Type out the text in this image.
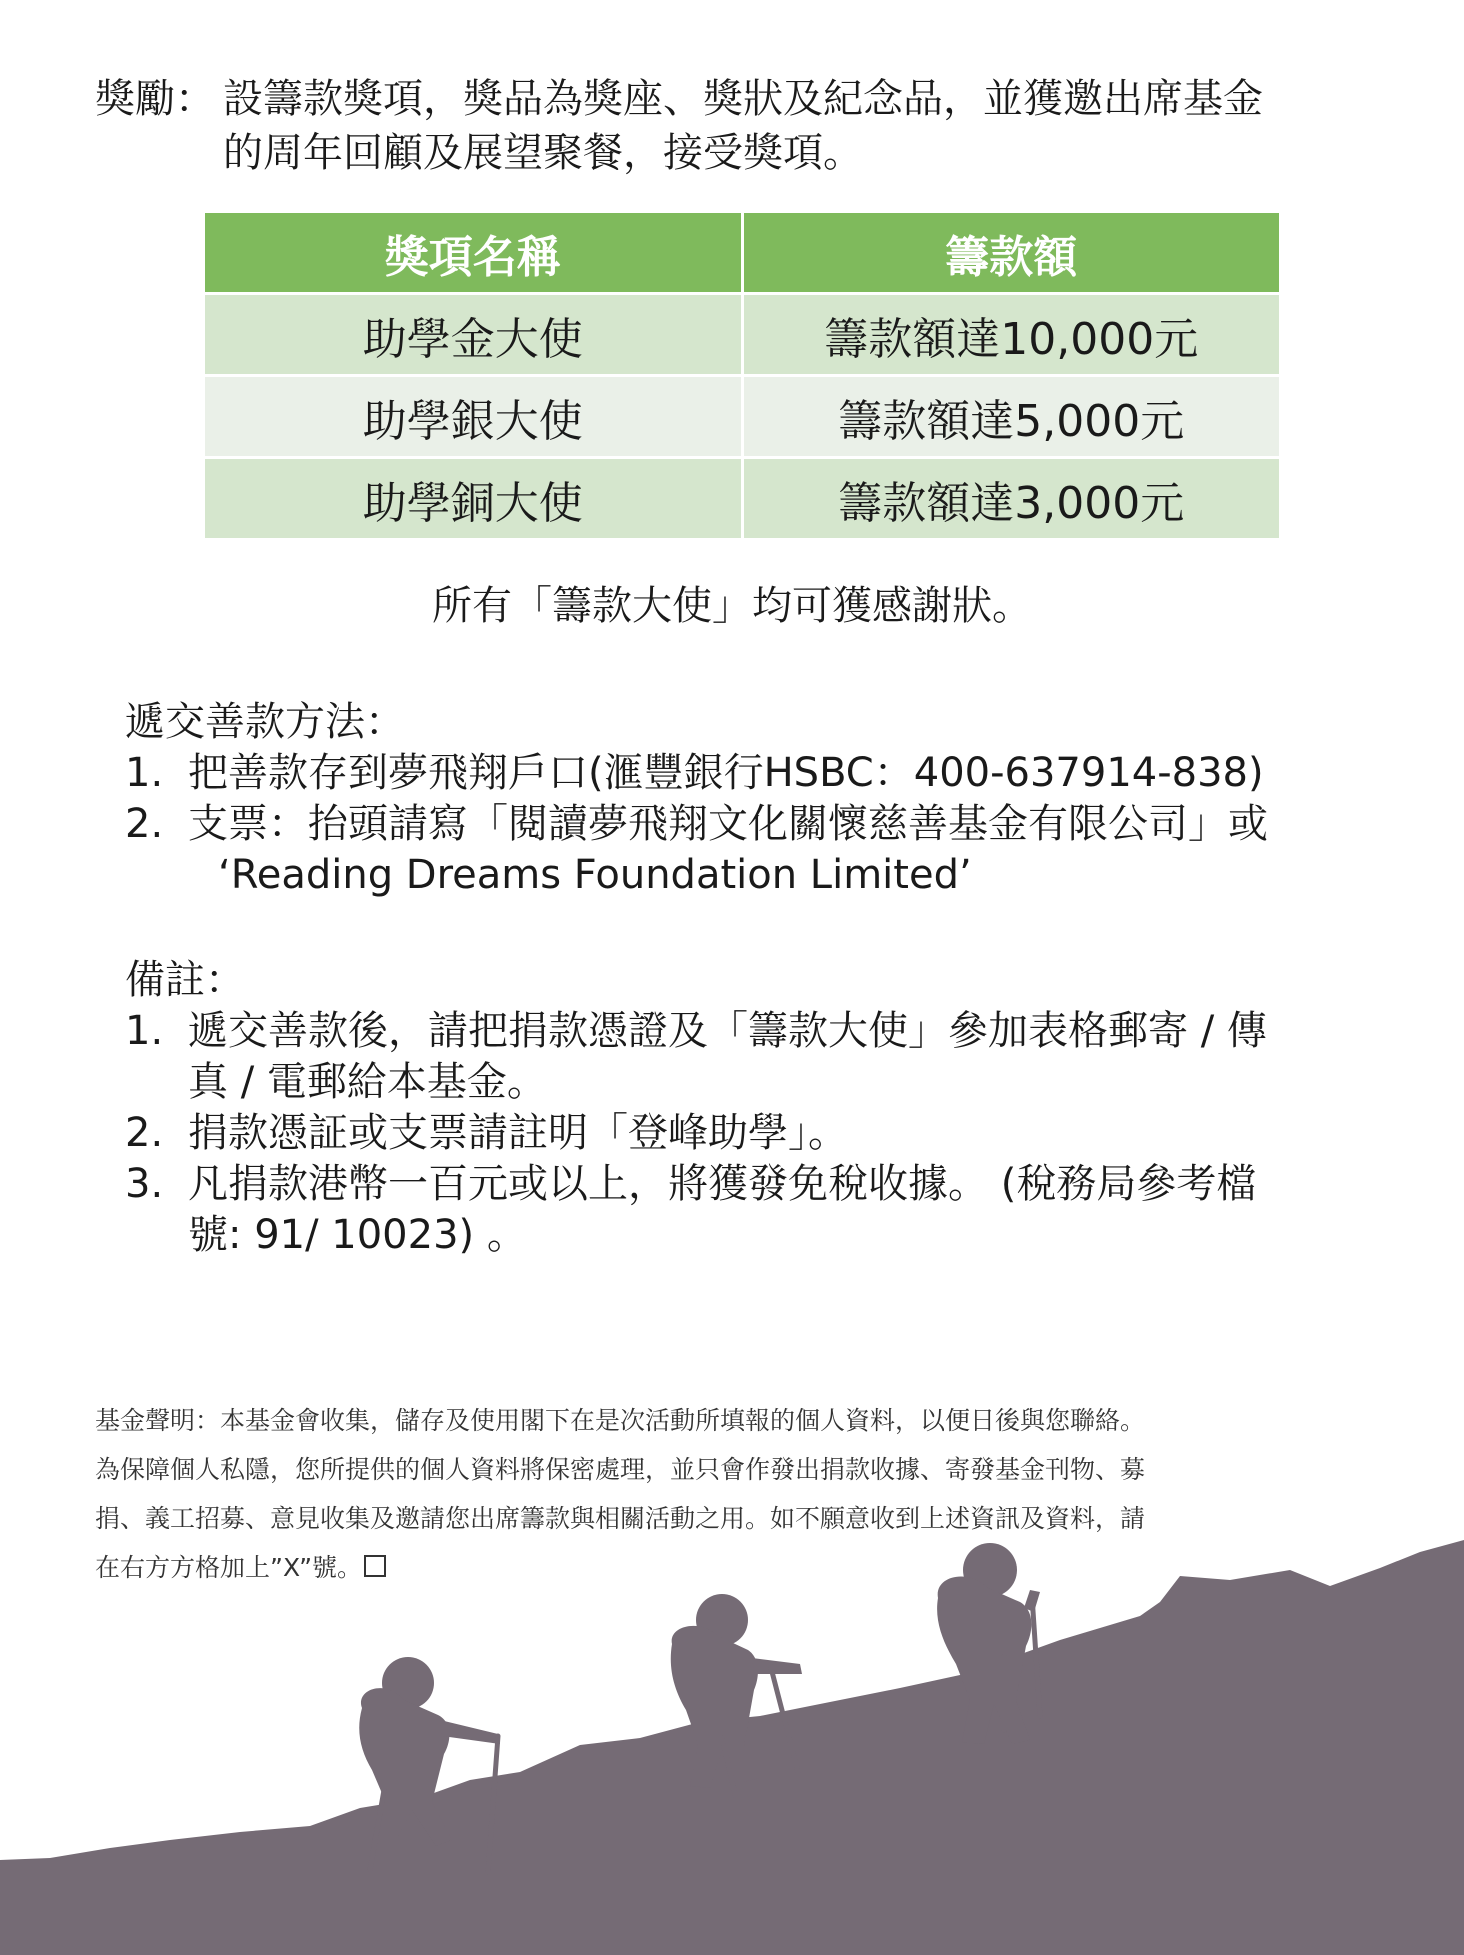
獎勵： 設籌款獎項，獎品為獎座、獎狀及紀念品，並獲邀出席基金
的周年回顧及展望聚餐，接受獎項。
獎項名稱	籌款額
助學金大使	籌款額達10,000元
助學銀大使	籌款額達5,000元
助學銅大使	籌款額達3,000元
所有「籌款大使」均可獲感謝狀。
遞交善款方法：
1. 把善款存到夢飛翔戶口(滙豐銀行HSBC：400-637914-838)
2. 支票：抬頭請寫「閱讀夢飛翔文化關懷慈善基金有限公司」或
‘Reading Dreams Foundation Limited’
備註：
1. 遞交善款後，請把捐款憑證及「籌款大使」參加表格郵寄 / 傳
真 / 電郵給本基金。
2. 捐款憑証或支票請註明「登峰助學」。
3. 凡捐款港幣一百元或以上，將獲發免稅收據。 (稅務局參考檔
號: 91/ 10023) 。
基金聲明：本基金會收集，儲存及使用閣下在是次活動所填報的個人資料，以便日後與您聯絡。
為保障個人私隱，您所提供的個人資料將保密處理，並只會作發出捐款收據、寄發基金刊物、募
捐、義工招募、意見收集及邀請您出席籌款與相關活動之用。如不願意收到上述資訊及資料，請
在右方方格加上”X”號。
